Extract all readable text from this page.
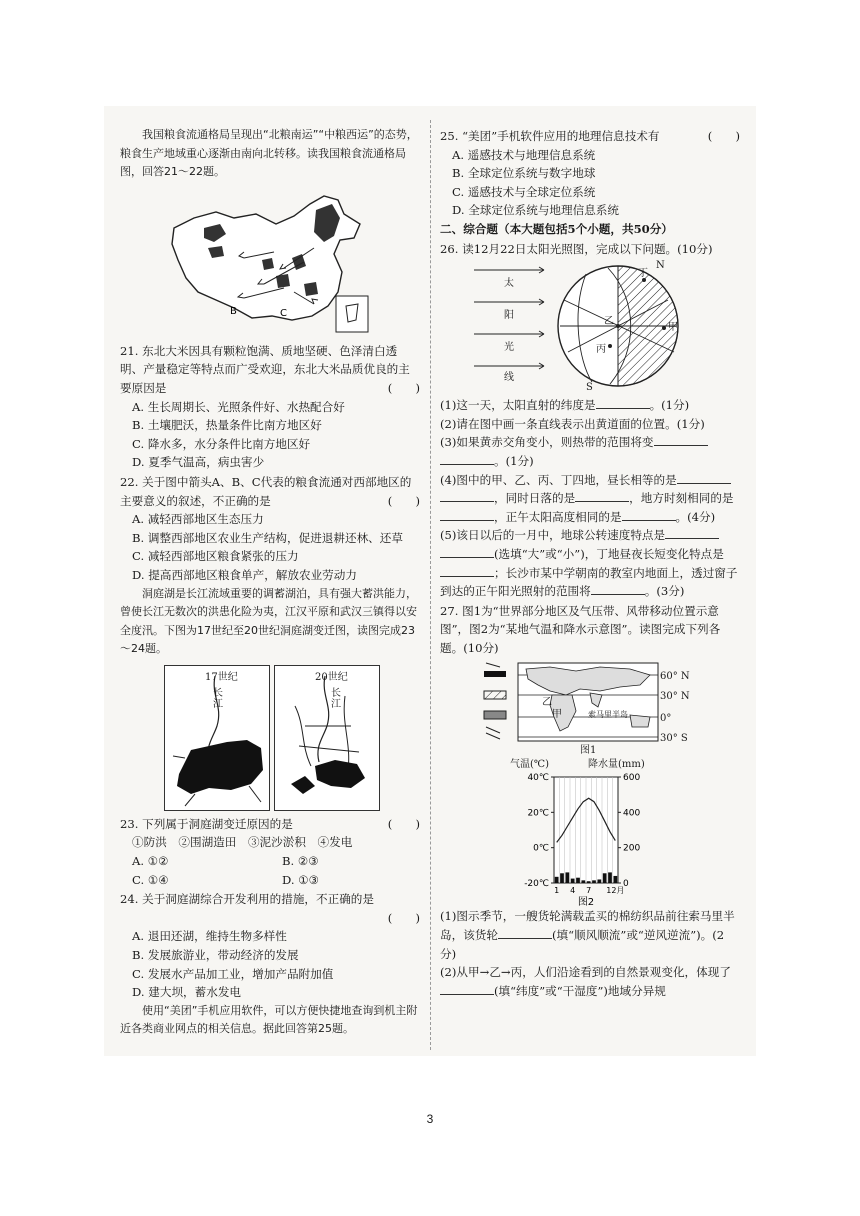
我国粮食流通格局呈现出“北粮南运”“中粮西运”的态势，粮食生产地域重心逐渐由南向北转移。读我国粮食流通格局图，回答21～22题。

B	C

21. 东北大米因具有颗粒饱满、质地坚硬、色泽清白透明、产量稳定等特点而广受欢迎，东北大米品质优良的主要原因是	(　　)

A. 生长周期长、光照条件好、水热配合好

B. 土壤肥沃，热量条件比南方地区好

C. 降水多，水分条件比南方地区好

D. 夏季气温高，病虫害少

22. 关于图中箭头A、B、C代表的粮食流通对西部地区的主要意义的叙述，不正确的是	(　　)

A. 减轻西部地区生态压力

B. 调整西部地区农业生产结构，促进退耕还林、还草

C. 减轻西部地区粮食紧张的压力

D. 提高西部地区粮食单产，解放农业劳动力

洞庭湖是长江流域重要的调蓄湖泊，具有强大蓄洪能力，曾使长江无数次的洪患化险为夷，江汉平原和武汉三镇得以安全度汛。下图为17世纪至20世纪洞庭湖变迁图，读图完成23～24题。

17世纪
长
江
20世纪
长
江

23. 下列属于洞庭湖变迁原因的是	(　　)

①防洪　②围湖造田　③泥沙淤积　④发电

A. ①②	B. ②③

C. ①④	D. ①③

24. 关于洞庭湖综合开发利用的措施，不正确的是

(　　)

A. 退田还湖，维持生物多样性

B. 发展旅游业，带动经济的发展

C. 发展水产品加工业，增加产品附加值

D. 建大坝，蓄水发电

使用“美团”手机应用软件，可以方便快捷地查询到机主附近各类商业网点的相关信息。据此回答第25题。

25. “美团”手机软件应用的地理信息技术有	(　　)

A. 遥感技术与地理信息系统

B. 全球定位系统与数字地球

C. 遥感技术与全球定位系统

D. 全球定位系统与地理信息系统

二、综合题（本大题包括5个小题，共50分）

26. 读12月22日太阳光照图，完成以下问题。(10分)

太
阳
光
线
N
S
丁
乙
甲
丙

(1)这一天，太阳直射的纬度是	。(1分)

(2)请在图中画一条直线表示出黄道面的位置。(1分)

(3)如果黄赤交角变小，则热带的范围将变
。(1分)

(4)图中的甲、乙、丙、丁四地，昼长相等的是
，同时日落的是	，地方时刻相同的是
，正午太阳高度相同的是	。(4分)

(5)该日以后的一月中，地球公转速度特点是
(选填“大”或“小”)，丁地昼夜长短变化特点是；长沙市某中学朝南的教室内地面上，透过窗子到达的正午阳光照射的范围将	。(3分)

27. 图1为“世界部分地区及气压带、风带移动位置示意图”，图2为“某地气温和降水示意图”。读图完成下列各题。(10分)

60° N
30° N
0°
30° S
乙
甲	索马里半岛
图1
气温(℃)	降水量(mm)
40℃
20℃
0℃
-20℃
600
400
200
0
1 4 7 12月
图2

(1)图示季节，一艘货轮满载孟买的棉纺织品前往索马里半岛，该货轮	(填“顺风顺流”或“逆风逆流”)。(2分)

(2)从甲→乙→丙，人们沿途看到的自然景观变化，体现了(填“纬度”或“干湿度”)地域分异规

3
